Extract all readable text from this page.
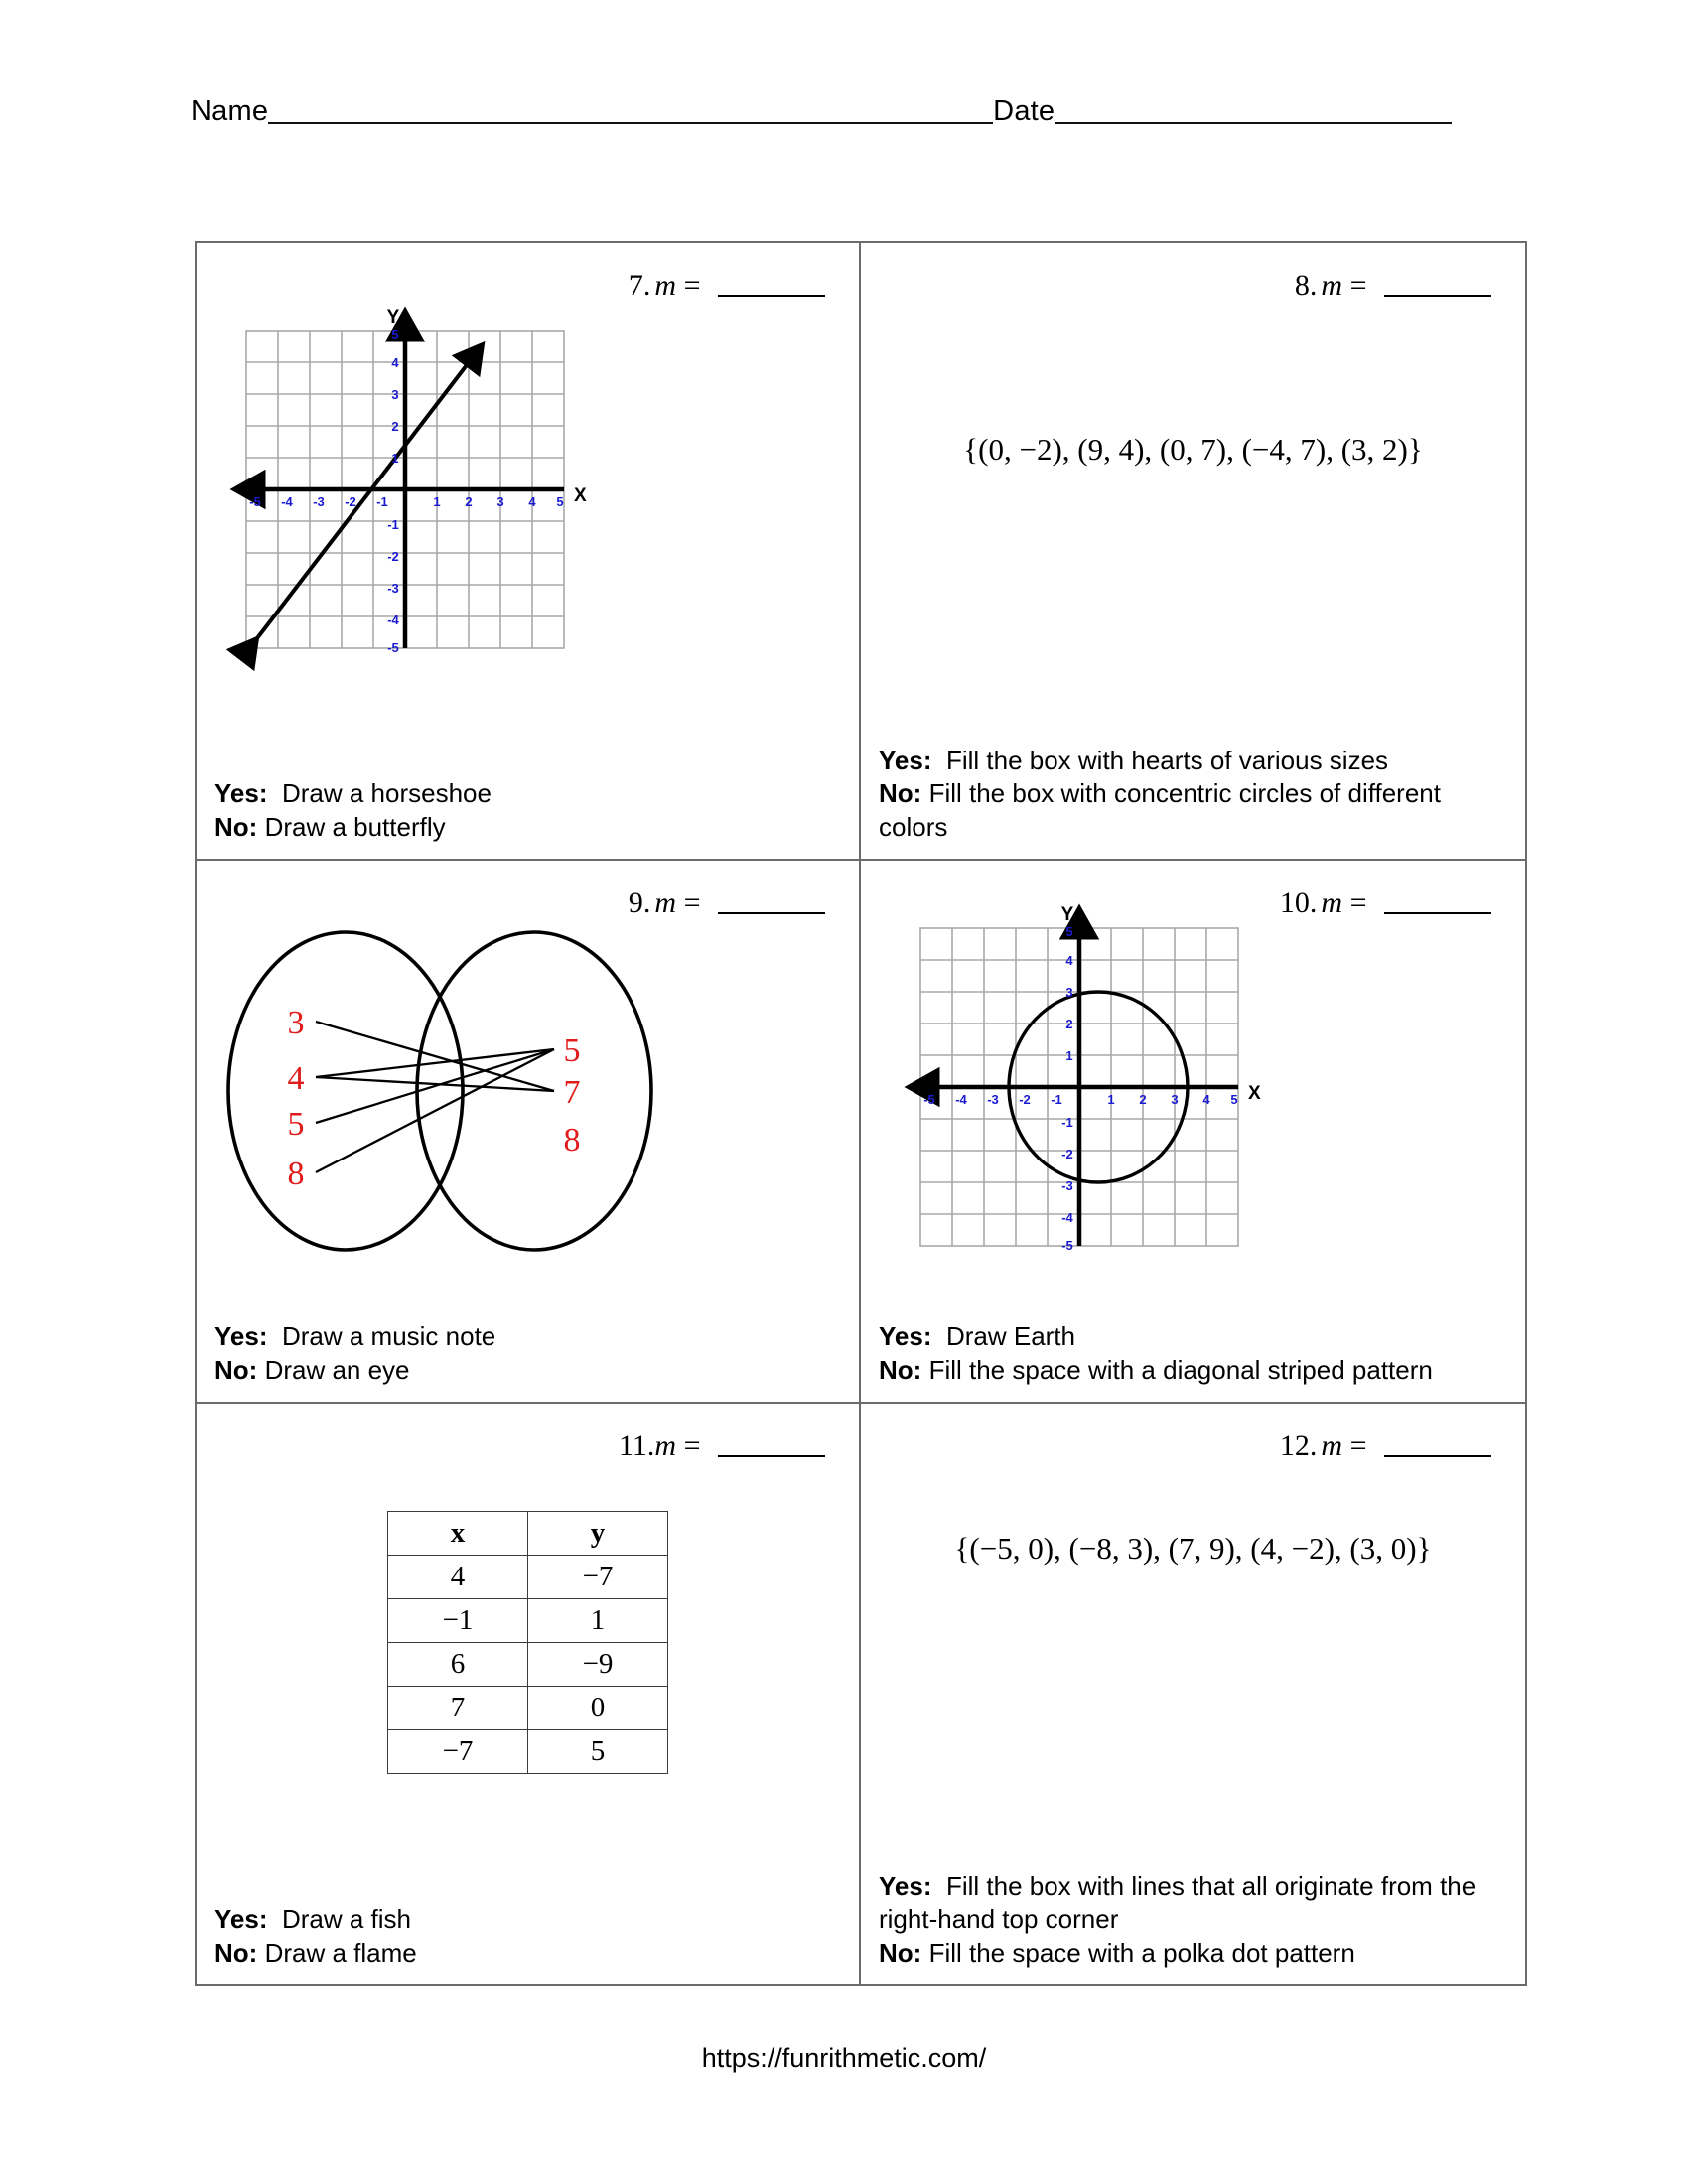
Name	Date
7. m =
-5 -4 -3 -2 -1	1 2 3 4 5
5
4
3
2
1
-1
-2
-3
-4
-5
Y
X
Yes: Draw a horseshoe
No: Draw a butterfly
8. m =
{(0, −2), (9, 4), (0, 7), (−4, 7), (3, 2)}
Yes: Fill the box with hearts of various sizes
No: Fill the box with concentric circles of different colors
9. m =
3
4
5
8
5
7
8
Yes: Draw a music note
No: Draw an eye
10. m =
-5 -4 -3 -2 -1	1 2 3 4 5
5
4
3
2
1
-1
-2
-3
-4
-5
Y
X
Yes: Draw Earth
No: Fill the space with a diagonal striped pattern
11.m =
x	y
4	−7
−1	1
6	−9
7	0
−7	5
Yes: Draw a fish
No: Draw a flame
12. m =
{(−5, 0), (−8, 3), (7, 9), (4, −2), (3, 0)}
Yes: Fill the box with lines that all originate from the right-hand top corner
No: Fill the space with a polka dot pattern
https://funrithmetic.com/
